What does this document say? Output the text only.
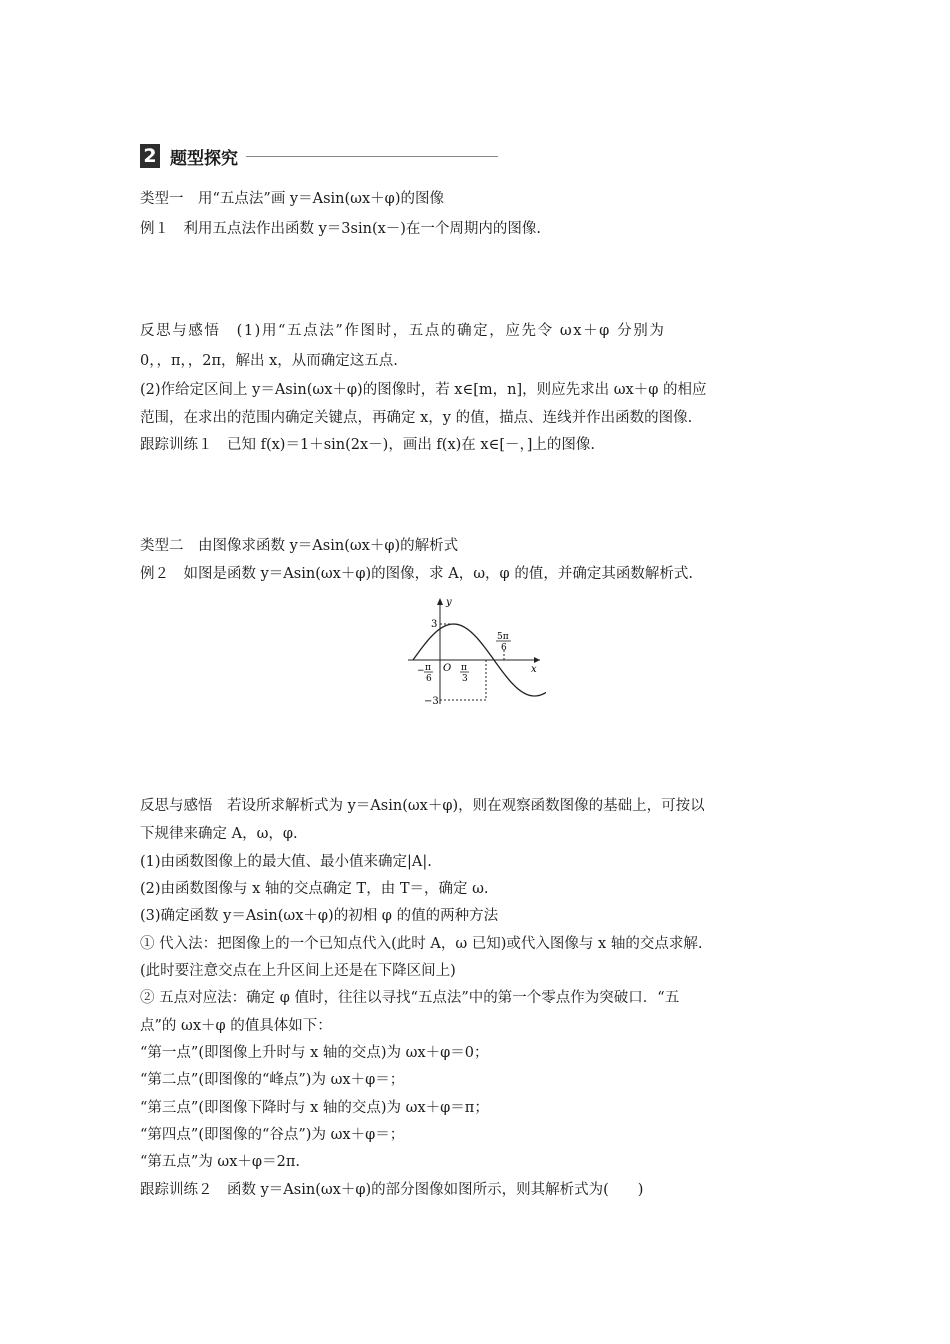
2 题型探究
类型一　用“五点法”画 y＝Asin(ωx＋φ)的图像
例１　利用五点法作出函数 y＝3sin(x－)在一个周期内的图像.
反思与感悟　(1)用“五点法”作图时，五点的确定，应先令 ωx＋φ 分别为
0，，π，，2π，解出 x，从而确定这五点.
(2)作给定区间上 y＝Asin(ωx＋φ)的图像时，若 x∈[m，n]，则应先求出 ωx＋φ 的相应
范围，在求出的范围内确定关键点，再确定 x，y 的值，描点、连线并作出函数的图像.
跟踪训练１　已知 f(x)＝1＋sin(2x－)，画出 f(x)在 x∈[－，]上的图像.
类型二　由图像求函数 y＝Asin(ωx＋φ)的解析式
例２　如图是函数 y＝Asin(ωx＋φ)的图像，求 A，ω，φ 的值，并确定其函数解析式.
y
x
O
3
−3
− π
6
π
3
5π
6
反思与感悟　若设所求解析式为 y＝Asin(ωx＋φ)，则在观察函数图像的基础上，可按以
下规律来确定 A，ω，φ.
(1)由函数图像上的最大值、最小值来确定|A|.
(2)由函数图像与 x 轴的交点确定 T，由 T＝，确定 ω.
(3)确定函数 y＝Asin(ωx＋φ)的初相 φ 的值的两种方法
① 代入法：把图像上的一个已知点代入(此时 A，ω 已知)或代入图像与 x 轴的交点求解.
(此时要注意交点在上升区间上还是在下降区间上)
② 五点对应法：确定 φ 值时，往往以寻找“五点法”中的第一个零点作为突破口．“五
点”的 ωx＋φ 的值具体如下：
“第一点”(即图像上升时与 x 轴的交点)为 ωx＋φ＝0；
“第二点”(即图像的“峰点”)为 ωx＋φ＝；
“第三点”(即图像下降时与 x 轴的交点)为 ωx＋φ＝π；
“第四点”(即图像的“谷点”)为 ωx＋φ＝；
“第五点”为 ωx＋φ＝2π.
跟踪训练２　函数 y＝Asin(ωx＋φ)的部分图像如图所示，则其解析式为(　　)
